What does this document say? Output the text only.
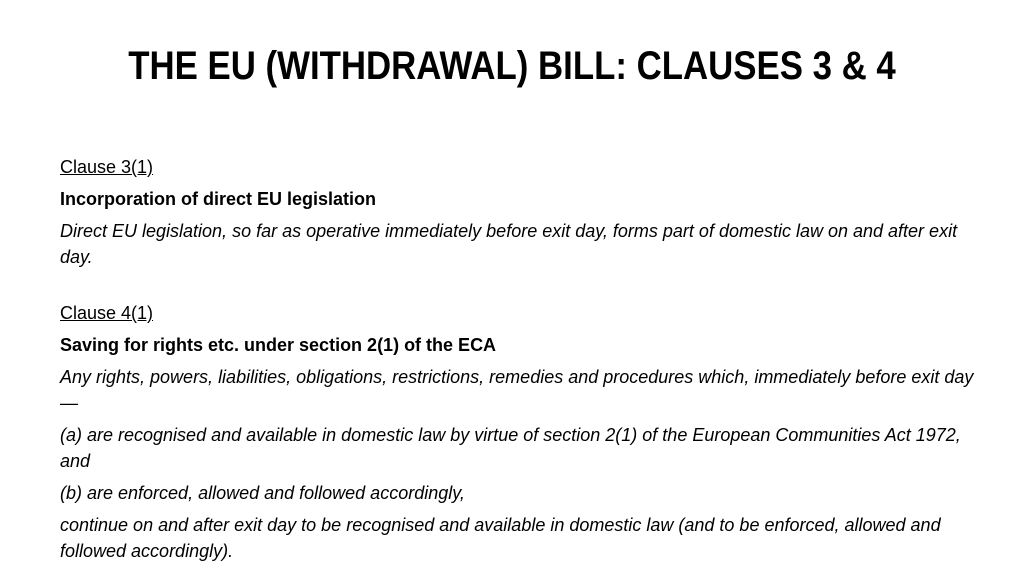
THE EU (WITHDRAWAL) BILL: CLAUSES 3 & 4

Clause 3(1)

Incorporation of direct EU legislation

Direct EU legislation, so far as operative immediately before exit day, forms part of domestic law on and after exit day.

Clause 4(1)

Saving for rights etc. under section 2(1) of the ECA

Any rights, powers, liabilities, obligations, restrictions, remedies and procedures which, immediately before exit day—

(a) are recognised and available in domestic law by virtue of section 2(1) of the European Communities Act 1972, and

(b) are enforced, allowed and followed accordingly,

continue on and after exit day to be recognised and available in domestic law (and to be enforced, allowed and followed accordingly).
